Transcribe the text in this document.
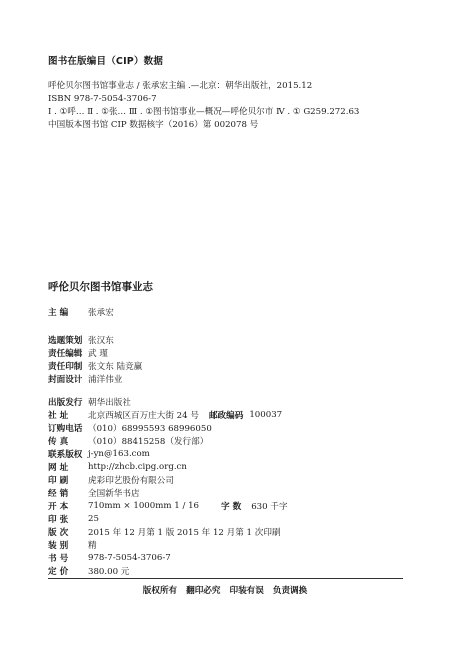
图书在版编目（CIP）数据
呼伦贝尔图书馆事业志 / 张承宏主编 .—北京：朝华出版社，2015.12
ISBN 978-7-5054-3706-7
Ⅰ . ①呼… Ⅱ . ①张… Ⅲ . ①图书馆事业—概况—呼伦贝尔市 Ⅳ . ① G259.272.63
中国版本图书馆 CIP 数据核字（2016）第 002078 号
呼伦贝尔图书馆事业志
主 编	张承宏
选题策划 张汉东
责任编辑 武 瑾
责任印制 张文东 陆竞赢
封面设计 浦洋伟业
出版发行 朝华出版社
社 址	北京西城区百万庄大街 24 号 邮政编码 100037
订购电话 （010）68995593 68996050
传 真	（010）88415258（发行部）
联系版权 j-yn@163.com
网 址	http://zhcb.cipg.org.cn
印 刷	虎彩印艺股份有限公司
经 销	全国新华书店
开 本	710mm × 1000mm 1 / 16	字 数 630 千字
印 张	25
版 次	2015 年 12 月第 1 版 2015 年 12 月第 1 次印刷
装 别	精
书 号	978-7-5054-3706-7
定 价	380.00 元
版权所有 翻印必究 印装有误 负责调换
